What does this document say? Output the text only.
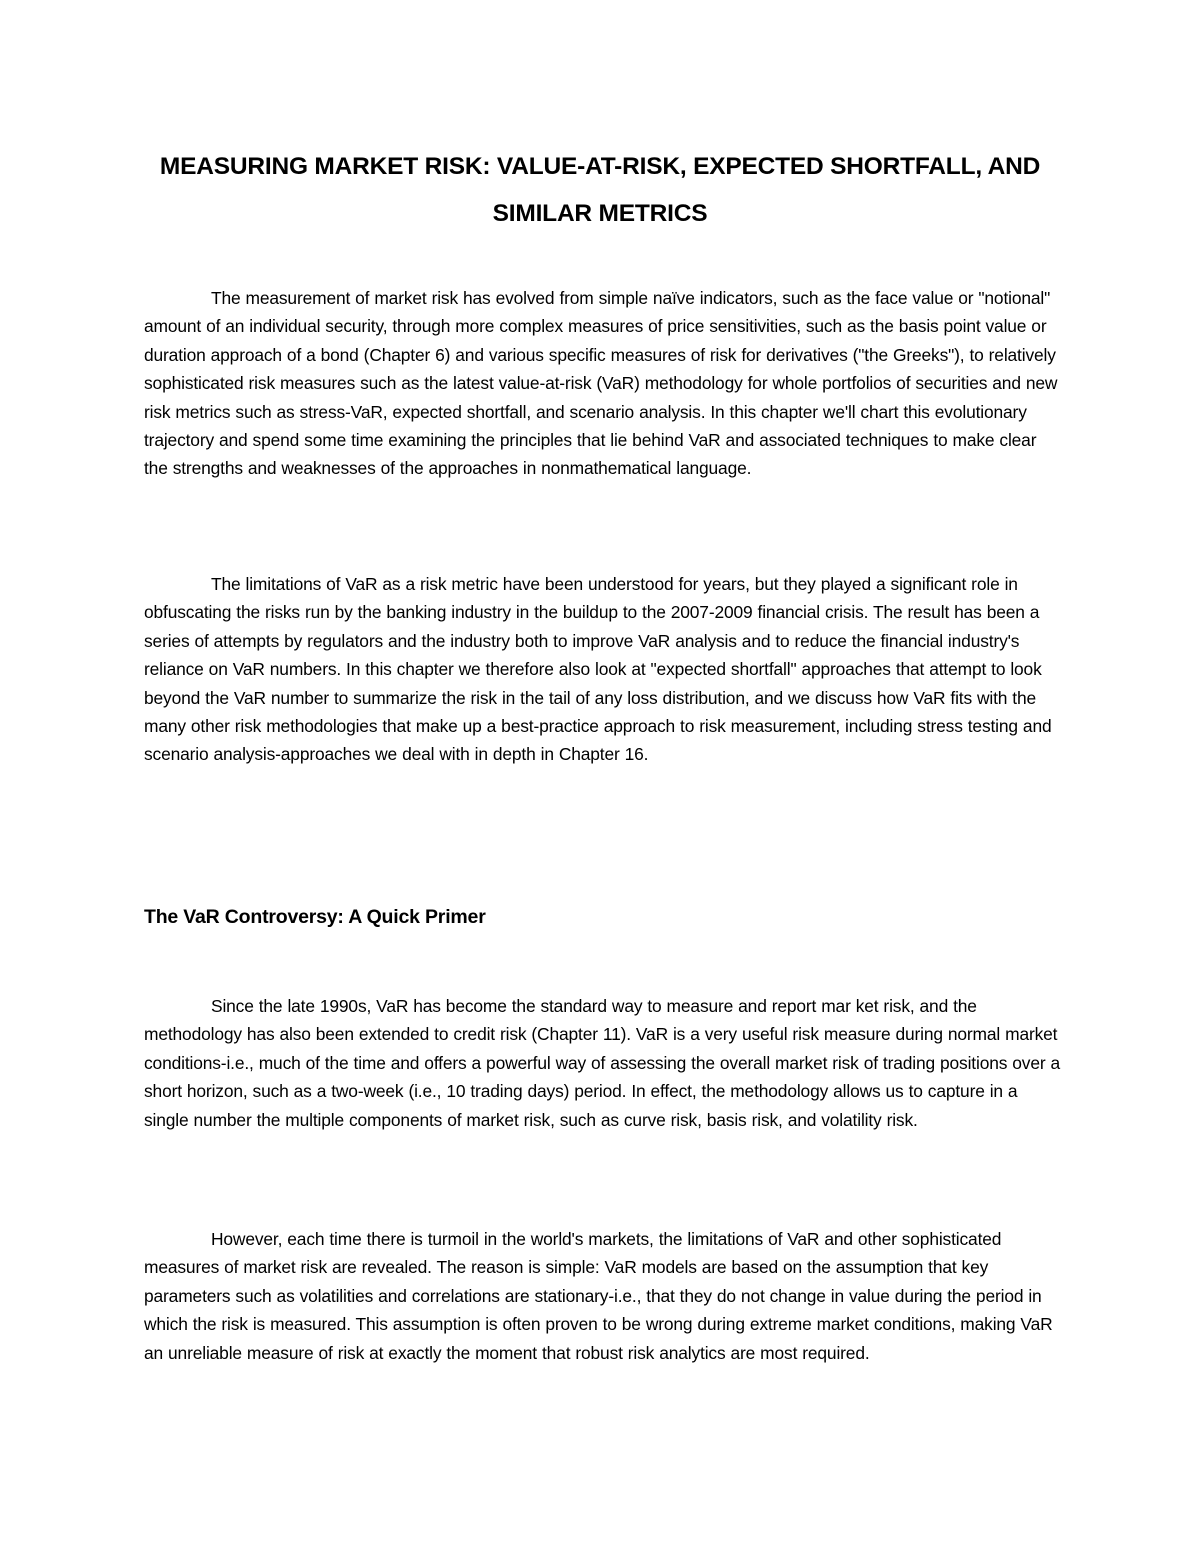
MEASURING MARKET RISK: VALUE-AT-RISK, EXPECTED SHORTFALL, AND SIMILAR METRICS

The measurement of market risk has evolved from simple naïve indicators, such as the face value or "notional" amount of an individual security, through more complex measures of price sensitivities, such as the basis point value or duration approach of a bond (Chapter 6) and various specific measures of risk for derivatives ("the Greeks"), to relatively sophisticated risk measures such as the latest value-at-risk (VaR) methodology for whole portfolios of securities and new risk metrics such as stress-VaR, expected shortfall, and scenario analysis. In this chapter we'll chart this evolutionary trajectory and spend some time examining the principles that lie behind VaR and associated techniques to make clear the strengths and weaknesses of the approaches in nonmathematical language.

The limitations of VaR as a risk metric have been understood for years, but they played a significant role in obfuscating the risks run by the banking industry in the buildup to the 2007-2009 financial crisis. The result has been a series of attempts by regulators and the industry both to improve VaR analysis and to reduce the financial industry's reliance on VaR numbers. In this chapter we therefore also look at "expected shortfall" approaches that attempt to look beyond the VaR number to summarize the risk in the tail of any loss distribution, and we discuss how VaR fits with the many other risk methodologies that make up a best-practice approach to risk measurement, including stress testing and scenario analysis-approaches we deal with in depth in Chapter 16.

The VaR Controversy: A Quick Primer

Since the late 1990s, VaR has become the standard way to measure and report mar ket risk, and the methodology has also been extended to credit risk (Chapter 11). VaR is a very useful risk measure during normal market conditions-i.e., much of the time and offers a powerful way of assessing the overall market risk of trading positions over a short horizon, such as a two-week (i.e., 10 trading days) period. In effect, the methodology allows us to capture in a single number the multiple components of market risk, such as curve risk, basis risk, and volatility risk.

However, each time there is turmoil in the world's markets, the limitations of VaR and other sophisticated measures of market risk are revealed. The reason is simple: VaR models are based on the assumption that key parameters such as volatilities and correlations are stationary-i.e., that they do not change in value during the period in which the risk is measured. This assumption is often proven to be wrong during extreme market conditions, making VaR an unreliable measure of risk at exactly the moment that robust risk analytics are most required.
